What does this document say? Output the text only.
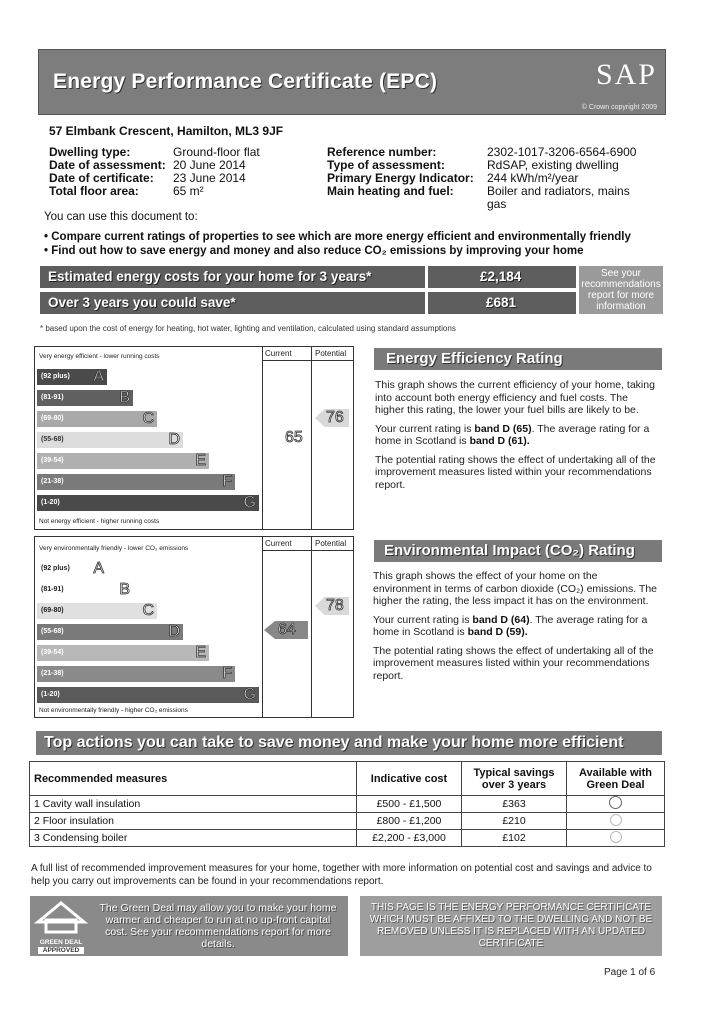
Energy Performance Certificate (EPC)	SAP
© Crown copyright 2009
57 Elmbank Crescent, Hamilton, ML3 9JF
Dwelling type:	Ground-floor flat
Date of assessment: 20 June 2014
Date of certificate:	23 June 2014
Total floor area:	65 m²
Reference number:	2302-1017-3206-6564-6900
Type of assessment:	RdSAP, existing dwelling
Primary Energy Indicator:	244 kWh/m²/year
Main heating and fuel:	Boiler and radiators, mains gas
You can use this document to:
• Compare current ratings of properties to see which are more energy efficient and environmentally friendly
• Find out how to save energy and money and also reduce CO₂ emissions by improving your home
Estimated energy costs for your home for 3 years*	£2,184
Over 3 years you could save*	£681
See your recommendations report for more information
* based upon the cost of energy for heating, hot water, lighting and ventilation, calculated using standard assumptions
Current	Potential
Very energy efficient - lower running costs
Not energy efficient - higher running costs
(92 plus) A
(81-91)	B
(69-80)	C
(55-68)	D
(39-54)	E
(21-38)	F
(1-20)	G
65
76
Current	Potential
Very environmentally friendly - lower CO₂ emissions
Not environmentally friendly - higher CO₂ emissions
(92 plus) A
(81-91)	B
(69-80)	C
(55-68)	D
(39-54)	E
(21-38)	F
(1-20)	G
64
78
Energy Efficiency Rating
This graph shows the current efficiency of your home, taking into account both energy efficiency and fuel costs. The higher this rating, the lower your fuel bills are likely to be.
Your current rating is band D (65). The average rating for a home in Scotland is band D (61).
The potential rating shows the effect of undertaking all of the improvement measures listed within your recommendations report.
Environmental Impact (CO₂) Rating
This graph shows the effect of your home on the environment in terms of carbon dioxide (CO₂) emissions. The higher the rating, the less impact it has on the environment.
Your current rating is band D (64). The average rating for a home in Scotland is band D (59).
The potential rating shows the effect of undertaking all of the improvement measures listed within your recommendations report.
Top actions you can take to save money and make your home more efficient
Recommended measures	Indicative cost	Typical savings over 3 years	Available with Green Deal
1 Cavity wall insulation	£500 - £1,500	£363	
2 Floor insulation	£800 - £1,200	£210	
3 Condensing boiler	£2,200 - £3,000	£102	
A full list of recommended improvement measures for your home, together with more information on potential cost and savings and advice to help you carry out improvements can be found in your recommendations report.
GREEN DEAL
APPROVED
The Green Deal may allow you to make your home warmer and cheaper to run at no up-front capital cost. See your recommendations report for more details.
THIS PAGE IS THE ENERGY PERFORMANCE CERTIFICATE WHICH MUST BE AFFIXED TO THE DWELLING AND NOT BE REMOVED UNLESS IT IS REPLACED WITH AN UPDATED CERTIFICATE
Page 1 of 6
